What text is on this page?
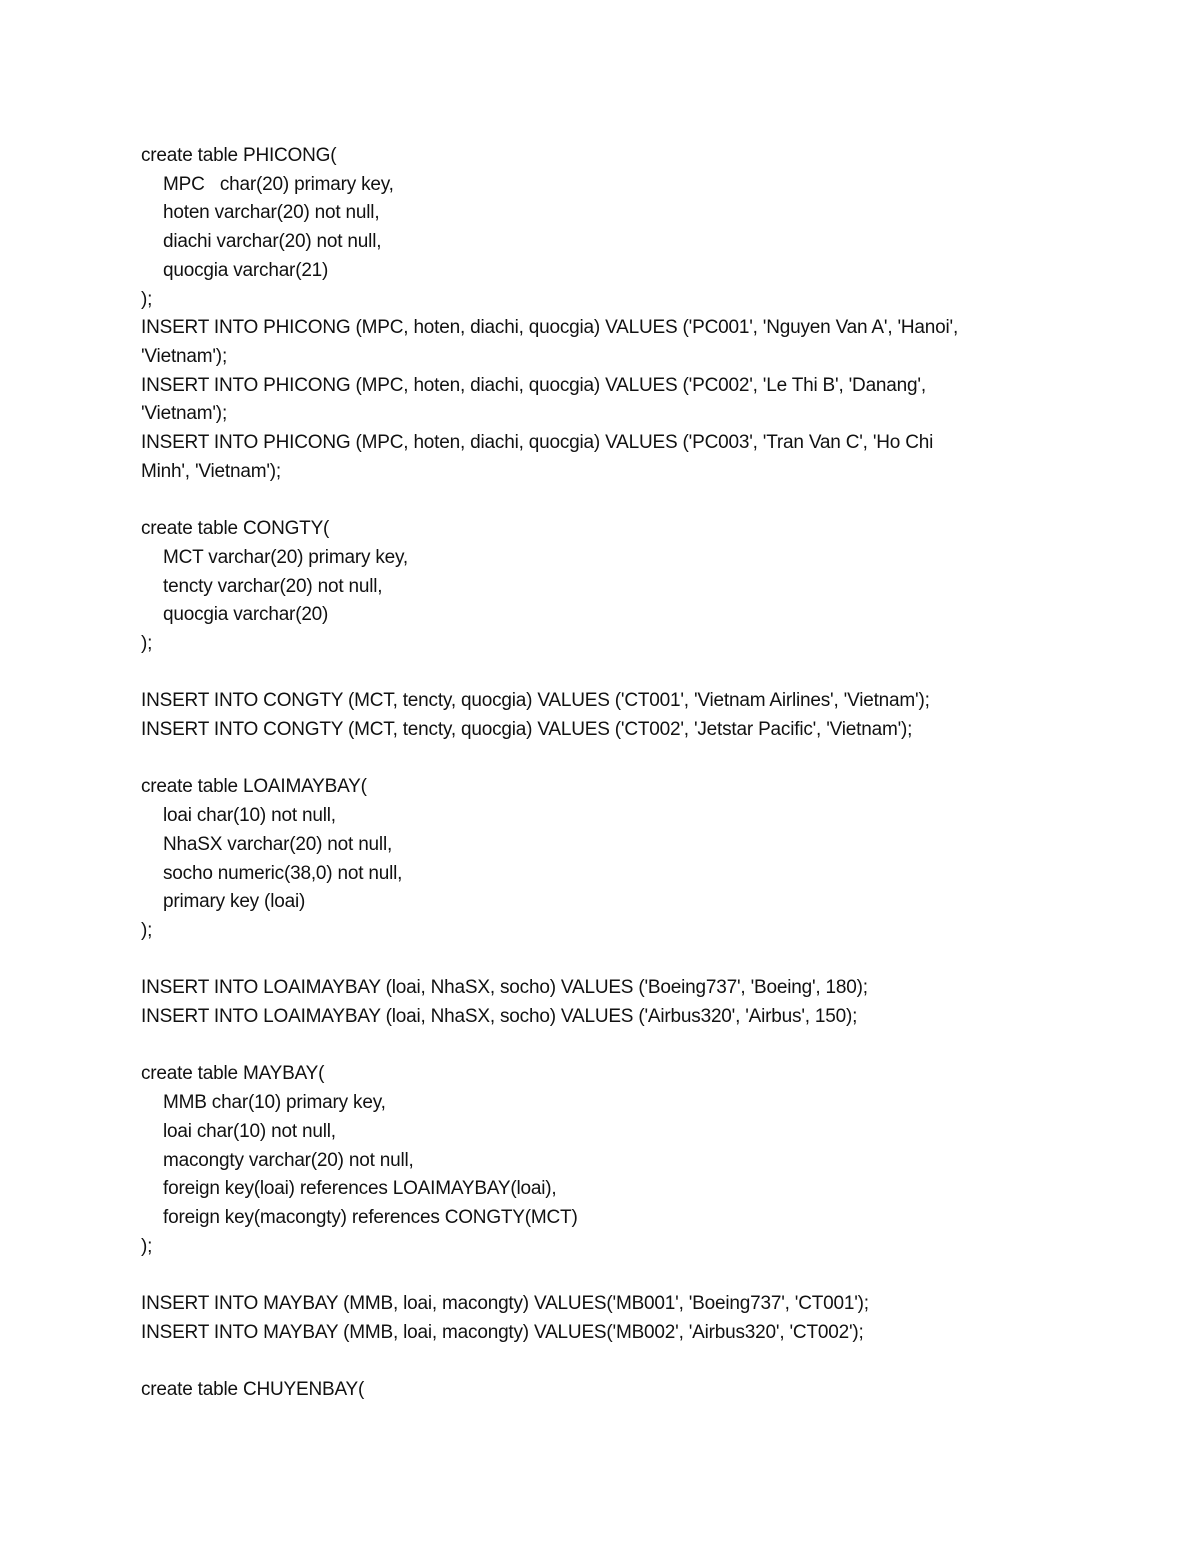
create table PHICONG(
MPC   char(20) primary key,
hoten varchar(20) not null,
diachi varchar(20) not null,
quocgia varchar(21)
);
INSERT INTO PHICONG (MPC, hoten, diachi, quocgia) VALUES ('PC001', 'Nguyen Van A', 'Hanoi',
'Vietnam');
INSERT INTO PHICONG (MPC, hoten, diachi, quocgia) VALUES ('PC002', 'Le Thi B', 'Danang',
'Vietnam');
INSERT INTO PHICONG (MPC, hoten, diachi, quocgia) VALUES ('PC003', 'Tran Van C', 'Ho Chi
Minh', 'Vietnam');
create table CONGTY(
MCT varchar(20) primary key,
tencty varchar(20) not null,
quocgia varchar(20)
);
INSERT INTO CONGTY (MCT, tencty, quocgia) VALUES ('CT001', 'Vietnam Airlines', 'Vietnam');
INSERT INTO CONGTY (MCT, tencty, quocgia) VALUES ('CT002', 'Jetstar Pacific', 'Vietnam');
create table LOAIMAYBAY(
loai char(10) not null,
NhaSX varchar(20) not null,
socho numeric(38,0) not null,
primary key (loai)
);
INSERT INTO LOAIMAYBAY (loai, NhaSX, socho) VALUES ('Boeing737', 'Boeing', 180);
INSERT INTO LOAIMAYBAY (loai, NhaSX, socho) VALUES ('Airbus320', 'Airbus', 150);
create table MAYBAY(
MMB char(10) primary key,
loai char(10) not null,
macongty varchar(20) not null,
foreign key(loai) references LOAIMAYBAY(loai),
foreign key(macongty) references CONGTY(MCT)
);
INSERT INTO MAYBAY (MMB, loai, macongty) VALUES('MB001', 'Boeing737', 'CT001');
INSERT INTO MAYBAY (MMB, loai, macongty) VALUES('MB002', 'Airbus320', 'CT002');
create table CHUYENBAY(
